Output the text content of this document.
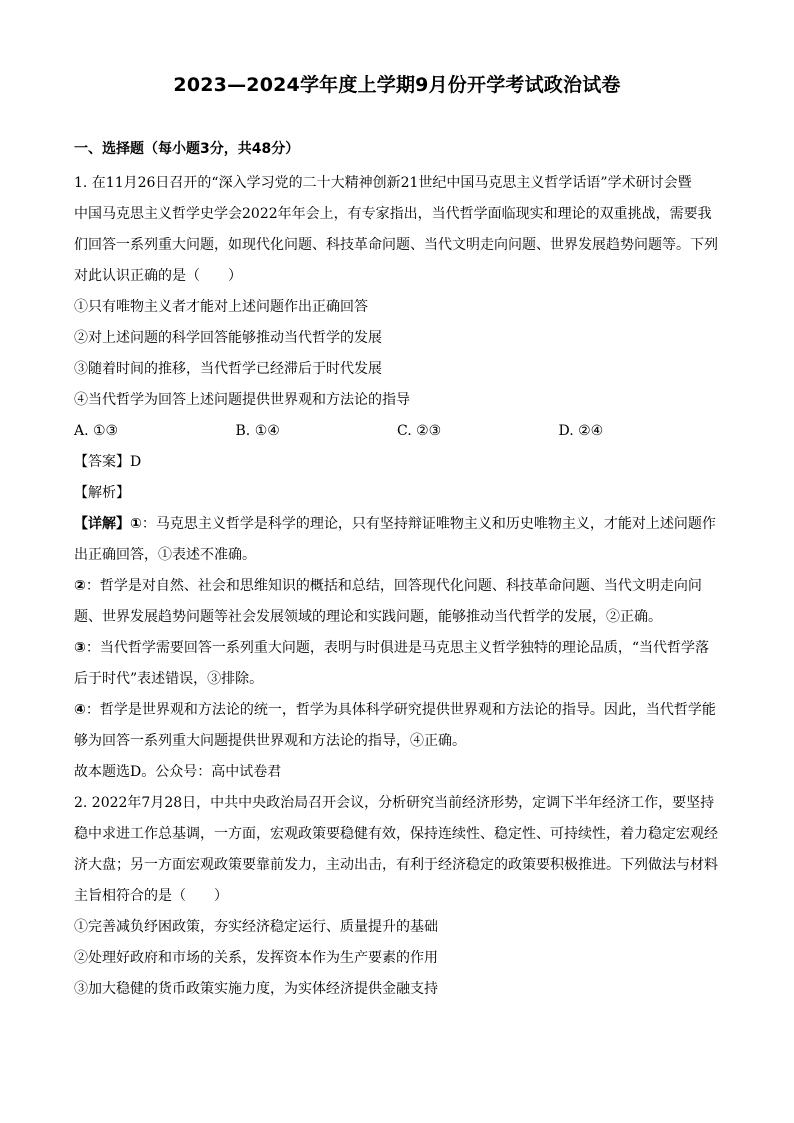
2023—2024学年度上学期9月份开学考试政治试卷
一、选择题（每小题3分，共48分）
1. 在11月26日召开的“深入学习党的二十大精神创新21世纪中国马克思主义哲学话语”学术研讨会暨
中国马克思主义哲学史学会2022年年会上，有专家指出，当代哲学面临现实和理论的双重挑战，需要我
们回答一系列重大问题，如现代化问题、科技革命问题、当代文明走向问题、世界发展趋势问题等。下列
对此认识正确的是（　　）
①只有唯物主义者才能对上述问题作出正确回答
②对上述问题的科学回答能够推动当代哲学的发展
③随着时间的推移，当代哲学已经滞后于时代发展
④当代哲学为回答上述问题提供世界观和方法论的指导
A. ①③	B. ①④	C. ②③	D. ②④
【答案】D
【解析】
【详解】①：马克思主义哲学是科学的理论，只有坚持辩证唯物主义和历史唯物主义，才能对上述问题作
出正确回答，①表述不准确。
②：哲学是对自然、社会和思维知识的概括和总结，回答现代化问题、科技革命问题、当代文明走向问
题、世界发展趋势问题等社会发展领域的理论和实践问题，能够推动当代哲学的发展，②正确。
③：当代哲学需要回答一系列重大问题，表明与时俱进是马克思主义哲学独特的理论品质，“当代哲学落
后于时代”表述错误，③排除。
④：哲学是世界观和方法论的统一，哲学为具体科学研究提供世界观和方法论的指导。因此，当代哲学能
够为回答一系列重大问题提供世界观和方法论的指导，④正确。
故本题选D。公众号：高中试卷君
2. 2022年7月28日，中共中央政治局召开会议，分析研究当前经济形势，定调下半年经济工作，要坚持
稳中求进工作总基调，一方面，宏观政策要稳健有效，保持连续性、稳定性、可持续性，着力稳定宏观经
济大盘；另一方面宏观政策要靠前发力，主动出击，有利于经济稳定的政策要积极推进。下列做法与材料
主旨相符合的是（　　）
①完善减负纾困政策，夯实经济稳定运行、质量提升的基础
②处理好政府和市场的关系，发挥资本作为生产要素的作用
③加大稳健的货币政策实施力度，为实体经济提供金融支持
